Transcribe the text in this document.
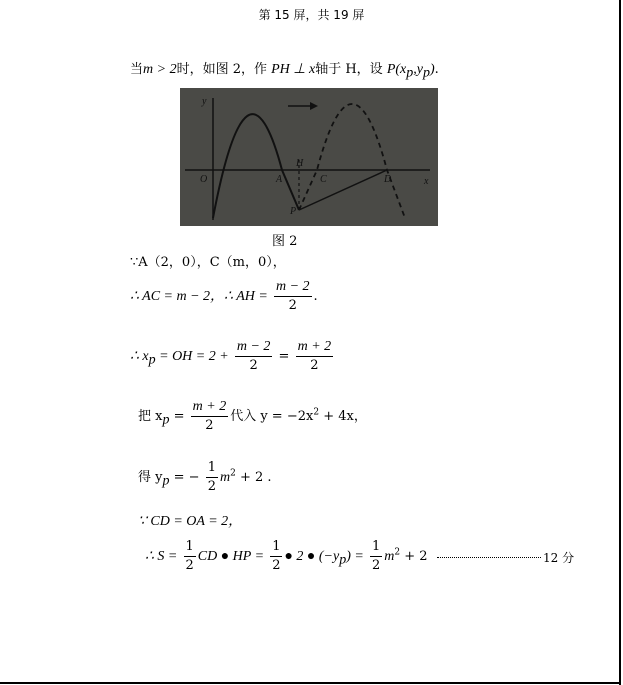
第 15 屏，共 19 屏
当m > 2时，如图 2，作 PH ⊥ x轴于 H，设 $P(x_p,y_p)$.
y
x
O	A
H
C	D
P
图 2
∵A（2，0），C（m，0），
∴ AC = m − 2，∴ AH = $\frac{m - 2}{2}$ .
∴ $x_p$ = OH = $2 + \frac{m - 2}{2} = \frac{m + 2}{2}$
把 $x_p = \frac{m + 2}{2}$ 代入 $y = -2x^2 + 4x$，
得 $y_p$ = − $\frac{1}{2} m^2 + 2$ .
∵ CD = OA = 2，
∴ $S = \frac{1}{2}$ CD ● HP = $\frac{1}{2}$ ● 2 ● $(-y_p) = \frac{1}{2} m^2 + 2$	12 分
